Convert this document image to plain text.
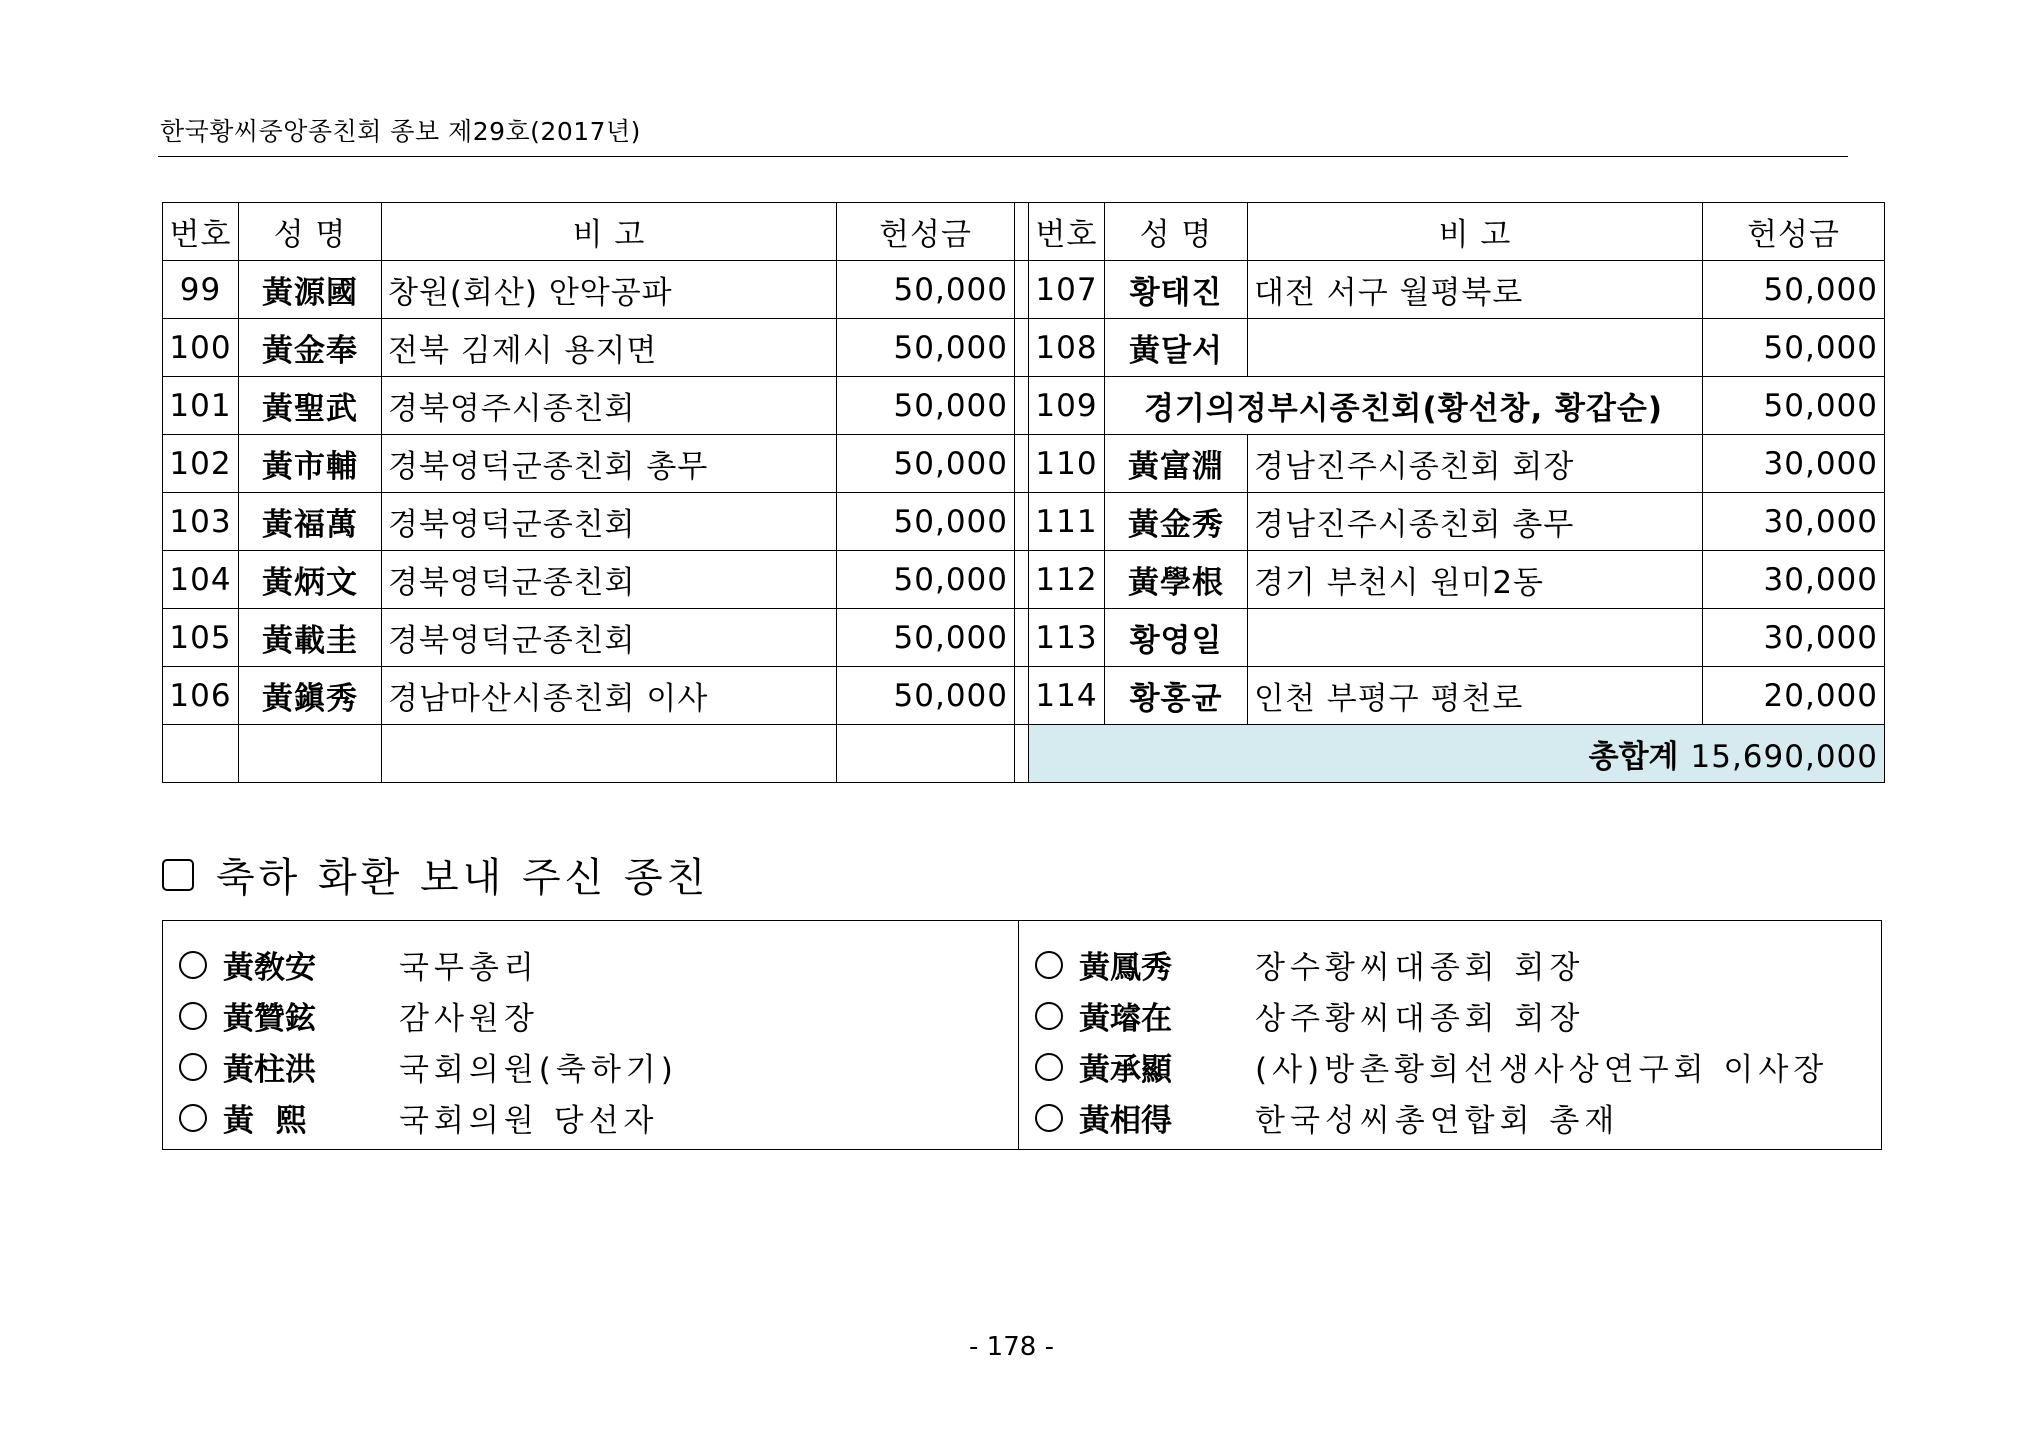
한국황씨중앙종친회 종보 제29호(2017년)
번호	성 명	비 고	헌성금		번호	성 명	비 고	헌성금
99	黃源國	창원(회산) 안악공파	50,000		107	황태진	대전 서구 월평북로	50,000
100	黃金奉	전북 김제시 용지면	50,000		108	黃달서		50,000
101	黃聖武	경북영주시종친회	50,000		109	경기의정부시종친회(황선창, 황갑순)		50,000
102	黃市輔	경북영덕군종친회 총무	50,000		110	黃富淵	경남진주시종친회 회장	30,000
103	黃福萬	경북영덕군종친회	50,000		111	黃金秀	경남진주시종친회 총무	30,000
104	黃炳文	경북영덕군종친회	50,000		112	黃學根	경기 부천시 원미2동	30,000
105	黃載圭	경북영덕군종친회	50,000		113	황영일		30,000
106	黃鎭秀	경남마산시종친회 이사	50,000		114	황홍균	인천 부평구 평천로	20,000
					총합계 15,690,000			
축하 화환 보내 주신 종친
黃敎安	국무총리
黃贊鉉	감사원장
黃柱洪	국회의원(축하기)
黃  熙	국회의원 당선자
黃鳳秀	장수황씨대종회 회장
黃璿在	상주황씨대종회 회장
黃承顯	(사)방촌황희선생사상연구회 이사장
黃相得	한국성씨총연합회 총재
- 178 -
